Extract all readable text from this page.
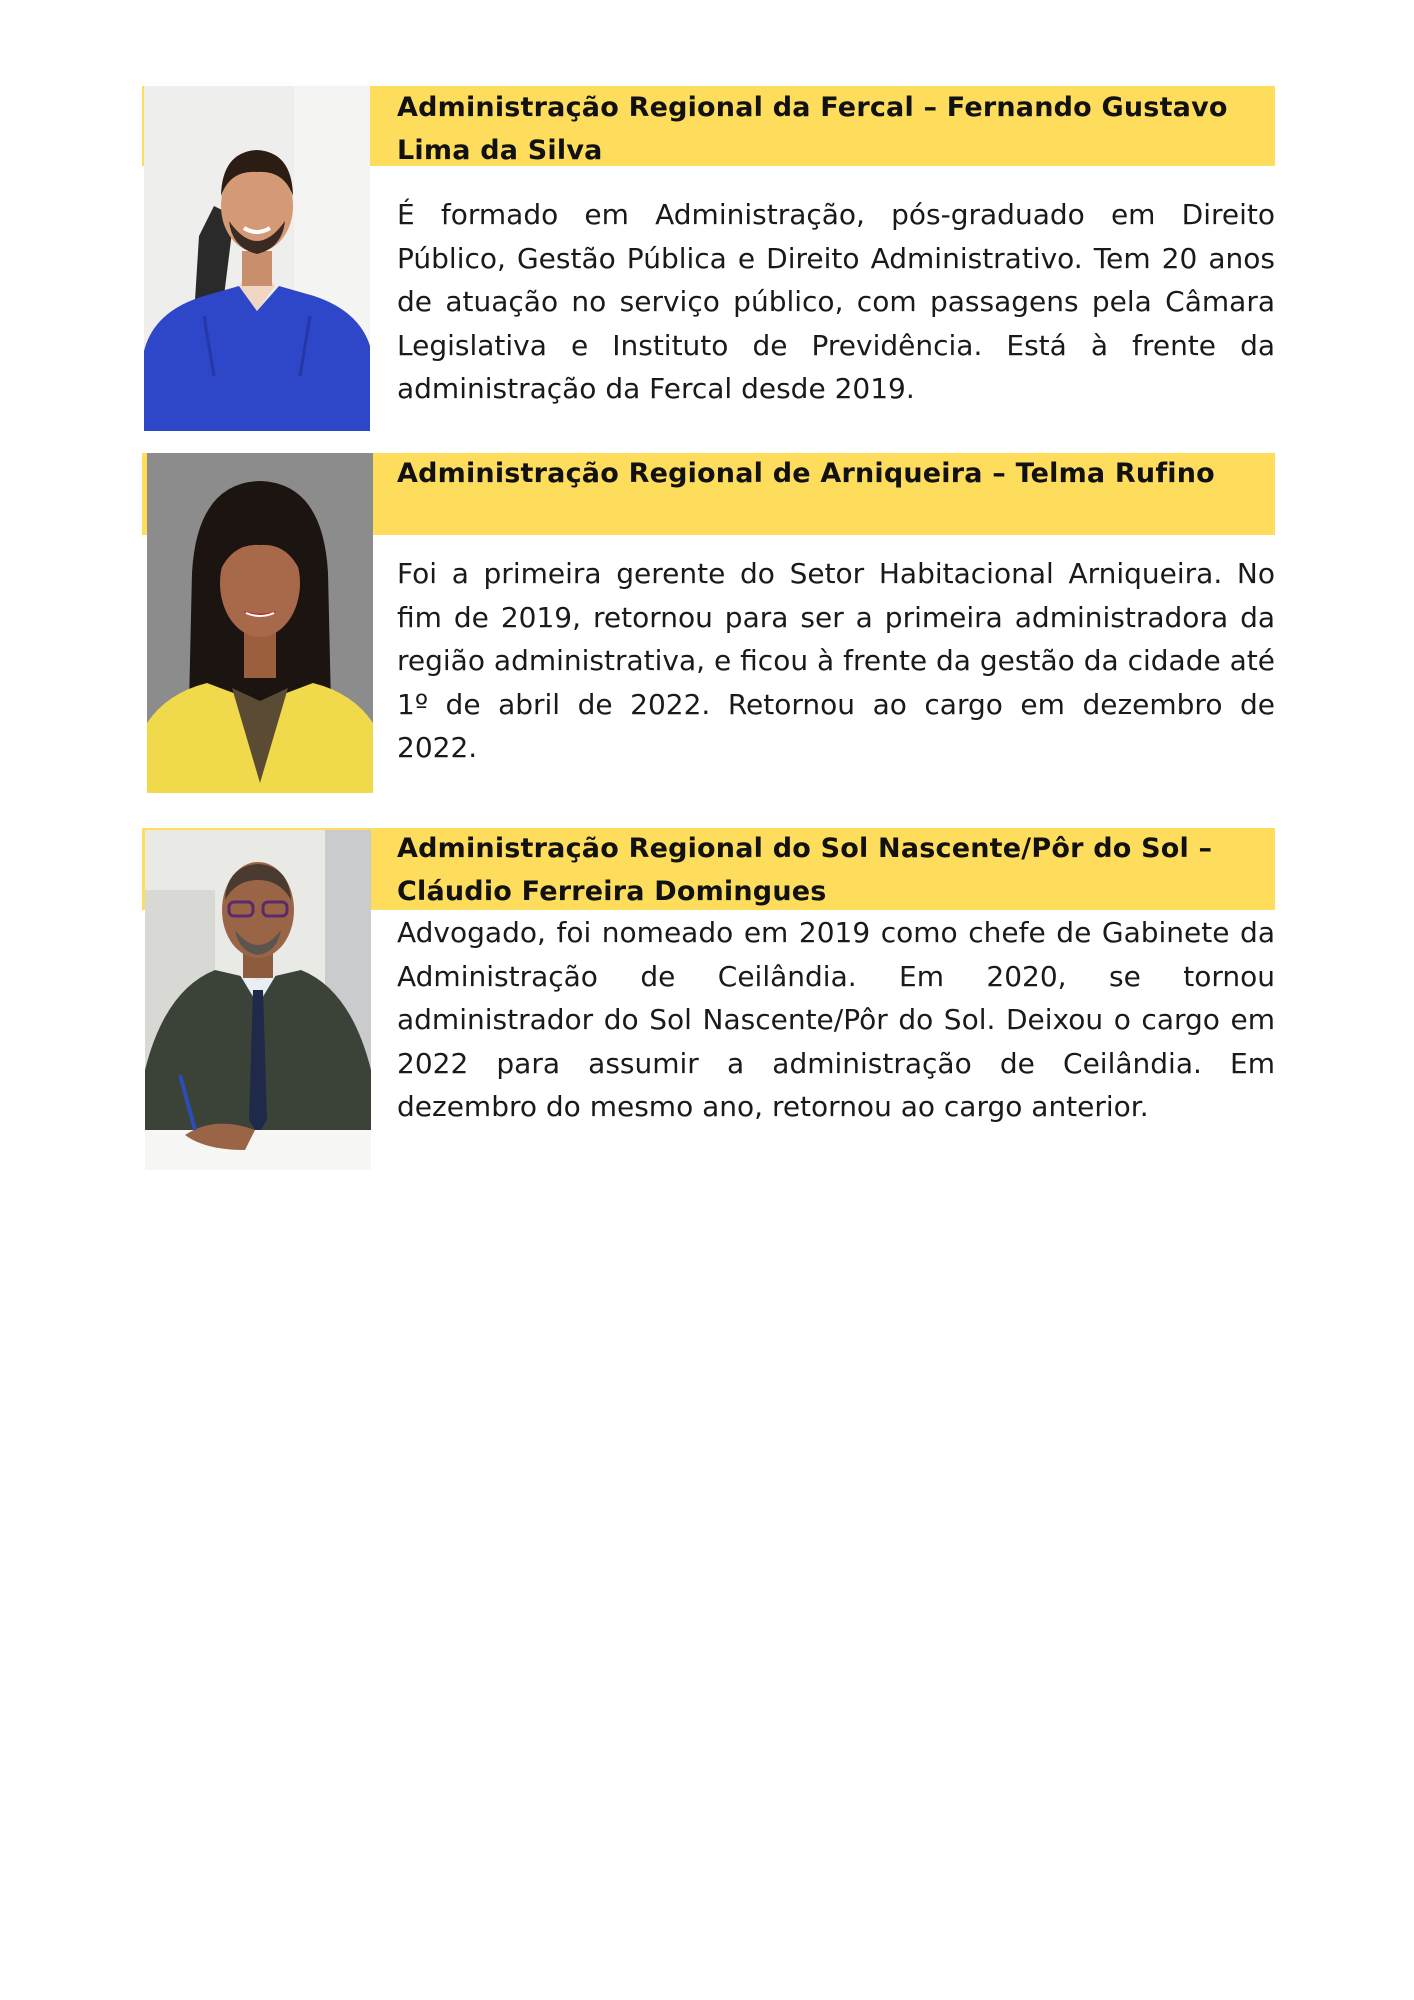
Administração Regional da Fercal – Fernando Gustavo Lima da Silva

É formado em Administração, pós-graduado em Direito Público, Gestão Pública e Direito Administrativo. Tem 20 anos de atuação no serviço público, com passagens pela Câmara Legislativa e Instituto de Previdência. Está à frente da administração da Fercal desde 2019.

Administração Regional de Arniqueira – Telma Rufino

Foi a primeira gerente do Setor Habitacional Arniqueira. No fim de 2019, retornou para ser a primeira administradora da região administrativa, e ficou à frente da gestão da cidade até 1º de abril de 2022. Retornou ao cargo em dezembro de 2022.

Administração Regional do Sol Nascente/Pôr do Sol – Cláudio Ferreira Domingues

Advogado, foi nomeado em 2019 como chefe de Gabinete da Administração de Ceilândia. Em 2020, se tornou administrador do Sol Nascente/Pôr do Sol. Deixou o cargo em 2022 para assumir a administração de Ceilândia. Em dezembro do mesmo ano, retornou ao cargo anterior.
